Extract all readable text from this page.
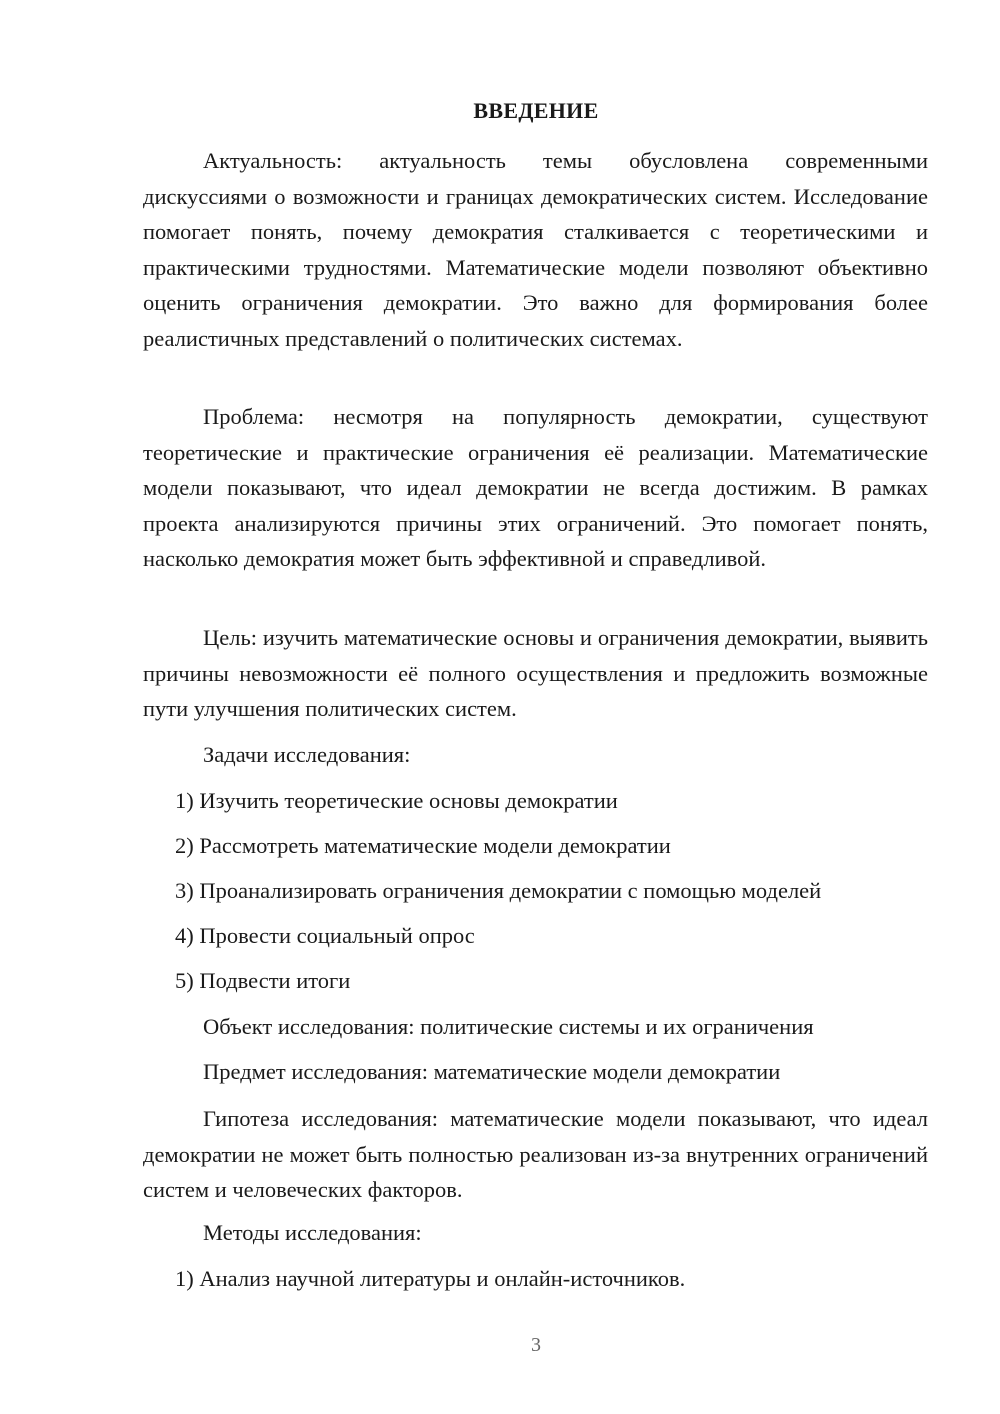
ВВЕДЕНИЕ

Актуальность: актуальность темы обусловлена современными дискуссиями о возможности и границах демократических систем. Исследование помогает понять, почему демократия сталкивается с теоретическими и практическими трудностями. Математические модели позволяют объективно оценить ограничения демократии. Это важно для формирования более реалистичных представлений о политических системах.

Проблема: несмотря на популярность демократии, существуют теоретические и практические ограничения её реализации. Математические модели показывают, что идеал демократии не всегда достижим. В рамках проекта анализируются причины этих ограничений. Это помогает понять, насколько демократия может быть эффективной и справедливой.

Цель: изучить математические основы и ограничения демократии, выявить причины невозможности её полного осуществления и предложить возможные пути улучшения политических систем.

Задачи исследования:
1) Изучить теоретические основы демократии
2) Рассмотреть математические модели демократии
3) Проанализировать ограничения демократии с помощью моделей
4) Провести социальный опрос
5) Подвести итоги
Объект исследования: политические системы и их ограничения
Предмет исследования: математические модели демократии

Гипотеза исследования: математические модели показывают, что идеал демократии не может быть полностью реализован из-за внутренних ограничений систем и человеческих факторов.

Методы исследования:
1) Анализ научной литературы и онлайн-источников.
3
